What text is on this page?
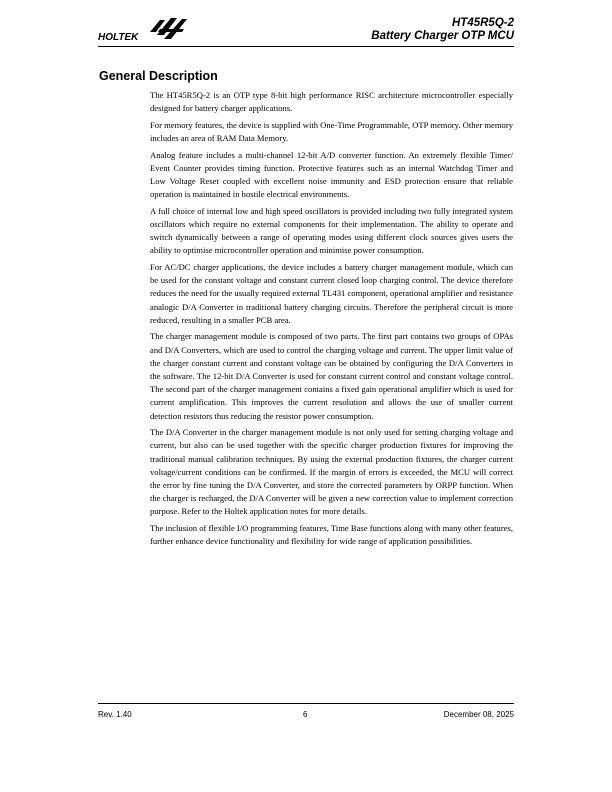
HOLTEK
HT45R5Q-2
Battery Charger OTP MCU
General Description

The HT45R5Q-2 is an OTP type 8-bit high performance RISC architecture microcontroller especially designed for battery charger applications.

For memory features, the device is supplied with One-Time Programmable, OTP memory. Other memory includes an area of RAM Data Memory.

Analog feature includes a multi-channel 12-bit A/D converter function. An extremely flexible Timer/ Event Counter provides timing function. Protective features such as an internal Watchdog Timer and Low Voltage Reset coupled with excellent noise immunity and ESD protection ensure that reliable operation is maintained in hostile electrical environments.

A full choice of internal low and high speed oscillators is provided including two fully integrated system oscillators which require no external components for their implementation. The ability to operate and switch dynamically between a range of operating modes using different clock sources gives users the ability to optimise microcontroller operation and minimise power consumption.

For AC/DC charger applications, the device includes a battery charger management module, which can be used for the constant voltage and constant current closed loop charging control. The device therefore reduces the need for the usually required external TL431 component, operational amplifier and resistance analogic D/A Converter in traditional battery charging circuits. Therefore the peripheral circuit is more reduced, resulting in a smaller PCB area.

The charger management module is composed of two parts. The first part contains two groups of OPAs and D/A Converters, which are used to control the charging voltage and current. The upper limit value of the charger constant current and constant voltage can be obtained by configuring the D/A Converters in the software. The 12-bit D/A Converter is used for constant current control and constant voltage control. The second part of the charger management contains a fixed gain operational amplifier which is used for current amplification. This improves the current resolution and allows the use of smaller current detection resistors thus reducing the resistor power consumption.

The D/A Converter in the charger management module is not only used for setting charging voltage and current, but also can be used together with the specific charger production fixtures for improving the traditional manual calibration techniques. By using the external production fixtures, the charger current voltage/current conditions can be confirmed. If the margin of errors is exceeded, the MCU will correct the error by fine tuning the D/A Converter, and store the corrected parameters by ORPP function. When the charger is recharged, the D/A Converter will be given a new correction value to implement correction purpose. Refer to the Holtek application notes for more details.

The inclusion of flexible I/O programming features, Time Base functions along with many other features, further enhance device functionality and flexibility for wide range of application possibilities.

Rev. 1.40	6	December 08, 2025
